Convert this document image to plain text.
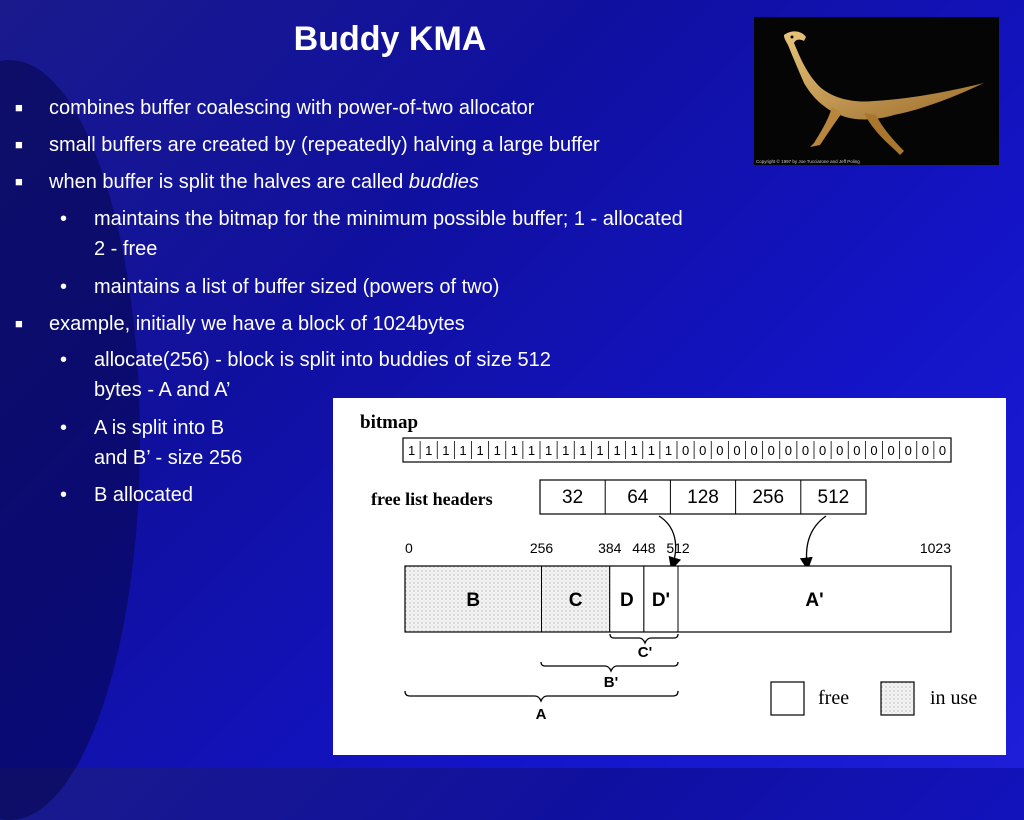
Buddy KMA
Copyright © 1997 by Joe Tucciarone and Jeff Poling
■ combines buffer coalescing with power-of-two allocator
■ small buffers are created by (repeatedly) halving a large buffer
■ when buffer is split the halves are called buddies
• maintains the bitmap for the minimum possible buffer; 1 - allocated
2 - free
• maintains a list of buffer sized (powers of two)
■ example, initially we have a block of 1024bytes
• allocate(256) - block is split into buddies of size 512
bytes - A and A’
• A is split into B
and B’ - size 256
• B allocated
bitmap
1 1 1 1 1 1 1 1 1 1 1 1 1 1 1 1 0 0 0 0 0 0 0 0 0 0 0 0 0 0 0 0
free list headers	32 64 128 256 512
0	256	384 448 512	1023
B	C D D'	A'
C'
B'
A
free	in use
